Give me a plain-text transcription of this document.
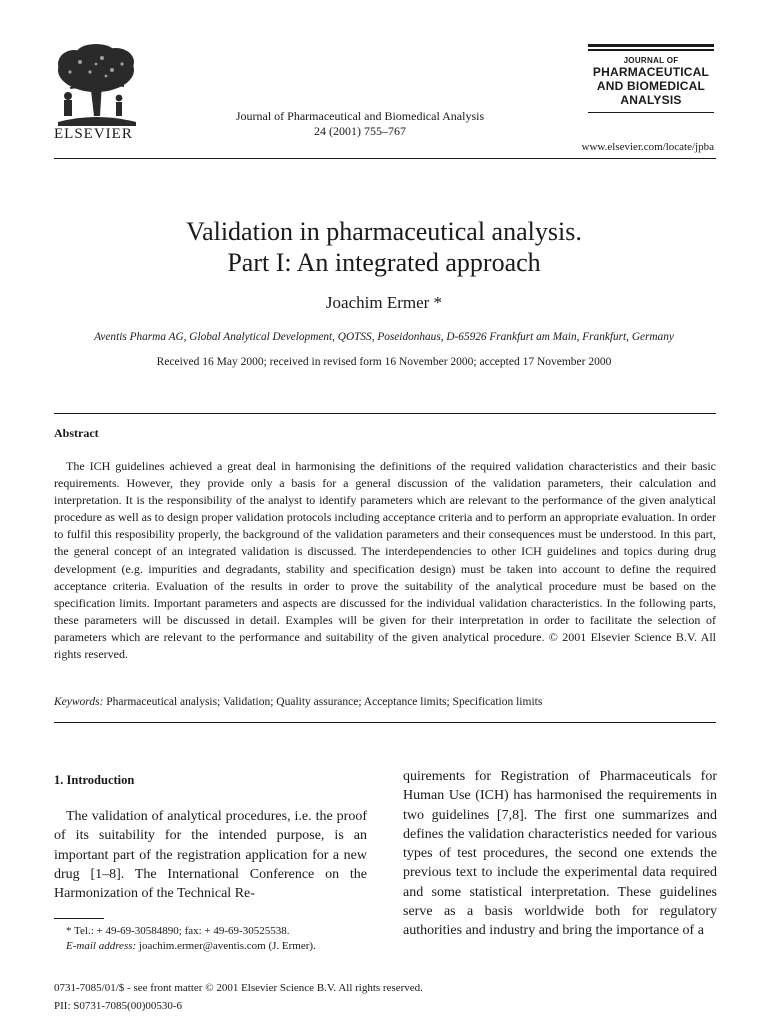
ELSEVIER
Journal of Pharmaceutical and Biomedical Analysis
24 (2001) 755–767
JOURNAL OF
PHARMACEUTICAL
AND BIOMEDICAL
ANALYSIS
www.elsevier.com/locate/jpba
Validation in pharmaceutical analysis.
Part I: An integrated approach
Joachim Ermer *
Aventis Pharma AG, Global Analytical Development, QOTSS, Poseidonhaus, D-65926 Frankfurt am Main, Frankfurt, Germany
Received 16 May 2000; received in revised form 16 November 2000; accepted 17 November 2000
Abstract
The ICH guidelines achieved a great deal in harmonising the definitions of the required validation characteristics and their basic requirements. However, they provide only a basis for a general discussion of the validation parameters, their calculation and interpretation. It is the responsibility of the analyst to identify parameters which are relevant to the performance of the given analytical procedure as well as to design proper validation protocols including acceptance criteria and to perform an appropriate evaluation. In order to fulfil this resposibility properly, the background of the validation parameters and their consequences must be understood. In this part, the general concept of an integrated validation is discussed. The interdependencies to other ICH guidelines and topics during drug development (e.g. impurities and degradants, stability and specification design) must be taken into account to define the required acceptance criteria. Evaluation of the results in order to prove the suitability of the analytical procedure must be based on the specification limits. Important parameters and aspects are discussed for the individual validation characteristics. In the following parts, these parameters will be discussed in detail. Examples will be given for their interpretation in order to facilitate the selection of parameters which are relevant to the performance and suitability of the given analytical procedure. © 2001 Elsevier Science B.V. All rights reserved.
Keywords: Pharmaceutical analysis; Validation; Quality assurance; Acceptance limits; Specification limits
1. Introduction
The validation of analytical procedures, i.e. the proof of its suitability for the intended purpose, is an important part of the registration application for a new drug [1–8]. The International Conference on the Harmonization of the Technical Re-
quirements for Registration of Pharmaceuticals for Human Use (ICH) has harmonised the requirements in two guidelines [7,8]. The first one summarizes and defines the validation characteristics needed for various types of test procedures, the second one extends the previous text to include the experimental data required and some statistical interpretation. These guidelines serve as a basis worldwide both for regulatory authorities and industry and bring the importance of a
* Tel.: + 49-69-30584890; fax: + 49-69-30525538.
E-mail address: joachim.ermer@aventis.com (J. Ermer).
0731-7085/01/$ - see front matter © 2001 Elsevier Science B.V. All rights reserved.
PII: S0731-7085(00)00530-6
